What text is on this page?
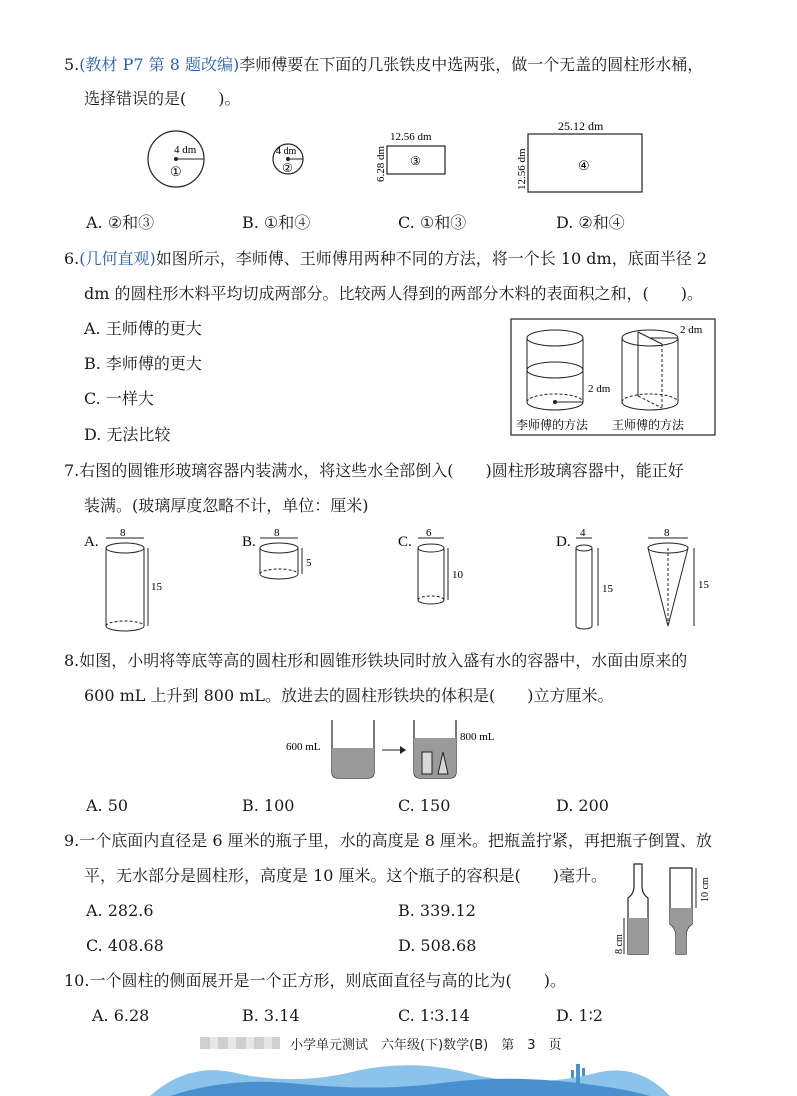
5.(教材 P7 第 8 题改编)李师傅要在下面的几张铁皮中选两张，做一个无盖的圆柱形水桶，
选择错误的是(　　)。
4 dm
①
4 dm
②
12.56 dm
③
6.28 dm
25.12 dm
④
12.56 dm
A. ②和③	B. ①和④	C. ①和③	D. ②和④
6.(几何直观)如图所示，李师傅、王师傅用两种不同的方法，将一个长 10 dm，底面半径 2
dm 的圆柱形木料平均切成两部分。比较两人得到的两部分木料的表面积之和，(　　)。
A. 王师傅的更大
B. 李师傅的更大
C. 一样大
D. 无法比较
2 dm
2 dm
李师傅的方法 王师傅的方法
7.右图的圆锥形玻璃容器内装满水，将这些水全部倒入(　　)圆柱形玻璃容器中，能正好
装满。(玻璃厚度忽略不计，单位：厘米)
A.
8
15
B.
8
5
C.
6
10
D.
4
15
8
15
8.如图，小明将等底等高的圆柱形和圆锥形铁块同时放入盛有水的容器中，水面由原来的
600 mL 上升到 800 mL。放进去的圆柱形铁块的体积是(　　)立方厘米。
600 mL
800 mL
A. 50	B. 100	C. 150	D. 200
9.一个底面内直径是 6 厘米的瓶子里，水的高度是 8 厘米。把瓶盖拧紧，再把瓶子倒置、放
平，无水部分是圆柱形，高度是 10 厘米。这个瓶子的容积是(　　)毫升。
A. 282.6	B. 339.12
C. 408.68	D. 508.68	8 cm
10 cm
10.一个圆柱的侧面展开是一个正方形，则底面直径与高的比为(　　)。
A. 6.28	B. 3.14	C. 1∶3.14	D. 1∶2
小学单元测试　六年级(下)数学(B)　第　3　页
